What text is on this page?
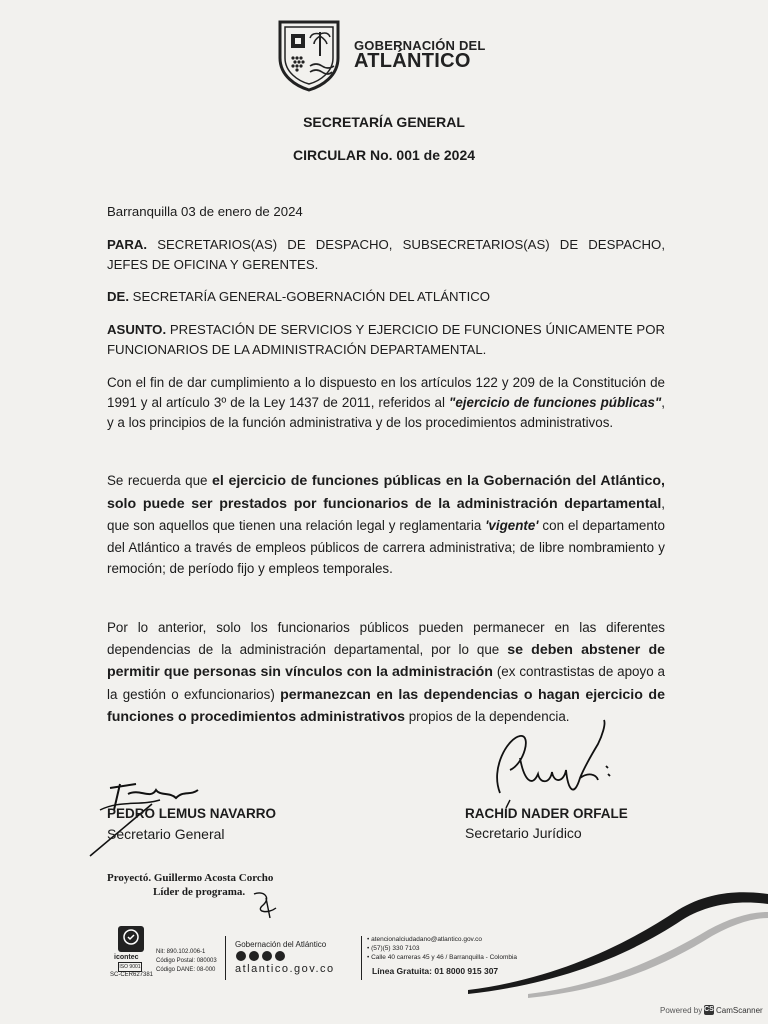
GOBERNACIÓN DEL
ATLÁNTICO
SECRETARÍA GENERAL
CIRCULAR No. 001 de 2024
Barranquilla 03 de enero de 2024
PARA. SECRETARIOS(AS) DE DESPACHO, SUBSECRETARIOS(AS) DE DESPACHO, JEFES DE OFICINA Y GERENTES.
DE. SECRETARÍA GENERAL-GOBERNACIÓN DEL ATLÁNTICO
ASUNTO. PRESTACIÓN DE SERVICIOS Y EJERCICIO DE FUNCIONES ÚNICAMENTE POR FUNCIONARIOS DE LA ADMINISTRACIÓN DEPARTAMENTAL.
Con el fin de dar cumplimiento a lo dispuesto en los artículos 122 y 209 de la Constitución de 1991 y al artículo 3º de la Ley 1437 de 2011, referidos al "ejercicio de funciones públicas", y a los principios de la función administrativa y de los procedimientos administrativos.
Se recuerda que el ejercicio de funciones públicas en la Gobernación del Atlántico, solo puede ser prestados por funcionarios de la administración departamental, que son aquellos que tienen una relación legal y reglamentaria 'vigente' con el departamento del Atlántico a través de empleos públicos de carrera administrativa; de libre nombramiento y remoción; de período fijo y empleos temporales.
Por lo anterior, solo los funcionarios públicos pueden permanecer en las diferentes dependencias de la administración departamental, por lo que se deben abstener de permitir que personas sin vínculos con la administración (ex contrastistas de apoyo a la gestión o exfuncionarios) permanezcan en las dependencias o hagan ejercicio de funciones o procedimientos administrativos propios de la dependencia.
PEDRO LEMUS NAVARRO
Secretario General
RACHID NADER ORFALE
Secretario Jurídico
Proyectó. Guillermo Acosta Corcho
Líder de programa.
icontec
ISO 9001
SC-CER627381
Nit: 890.102.006-1
Código Postal: 080003
Código DANE: 08-000
Gobernación del Atlántico
atlantico.gov.co
• atencionalciudadano@atlantico.gov.co
• (57)(5) 330 7103
• Calle 40 carreras 45 y 46 / Barranquilla - Colombia
Línea Gratuita: 01 8000 915 307
Powered by CS CamScanner
